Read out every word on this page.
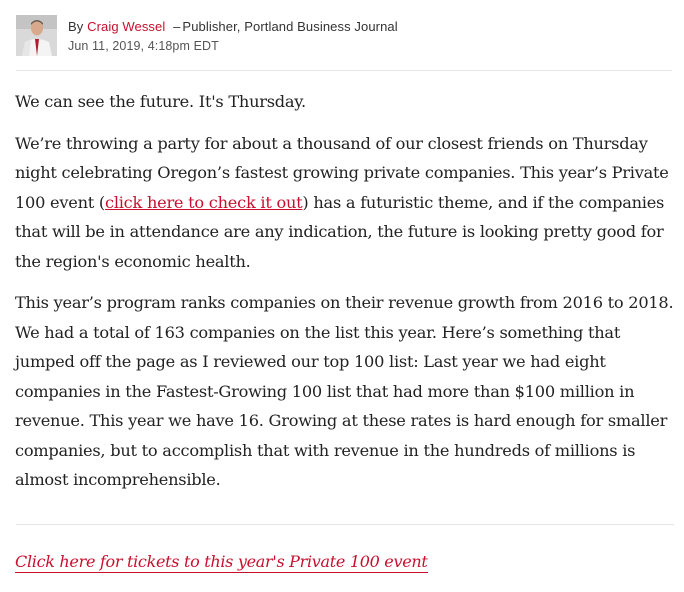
By Craig Wessel – Publisher, Portland Business Journal
Jun 11, 2019, 4:18pm EDT

We can see the future. It's Thursday.

We’re throwing a party for about a thousand of our closest friends on Thursday night celebrating Oregon’s fastest growing private companies. This year’s Private 100 event (click here to check it out) has a futuristic theme, and if the companies that will be in attendance are any indication, the future is looking pretty good for the region's economic health.

This year’s program ranks companies on their revenue growth from 2016 to 2018. We had a total of 163 companies on the list this year. Here’s something that jumped off the page as I reviewed our top 100 list: Last year we had eight companies in the Fastest-Growing 100 list that had more than $100 million in revenue. This year we have 16. Growing at these rates is hard enough for smaller companies, but to accomplish that with revenue in the hundreds of millions is almost incomprehensible.

Click here for tickets to this year's Private 100 event
